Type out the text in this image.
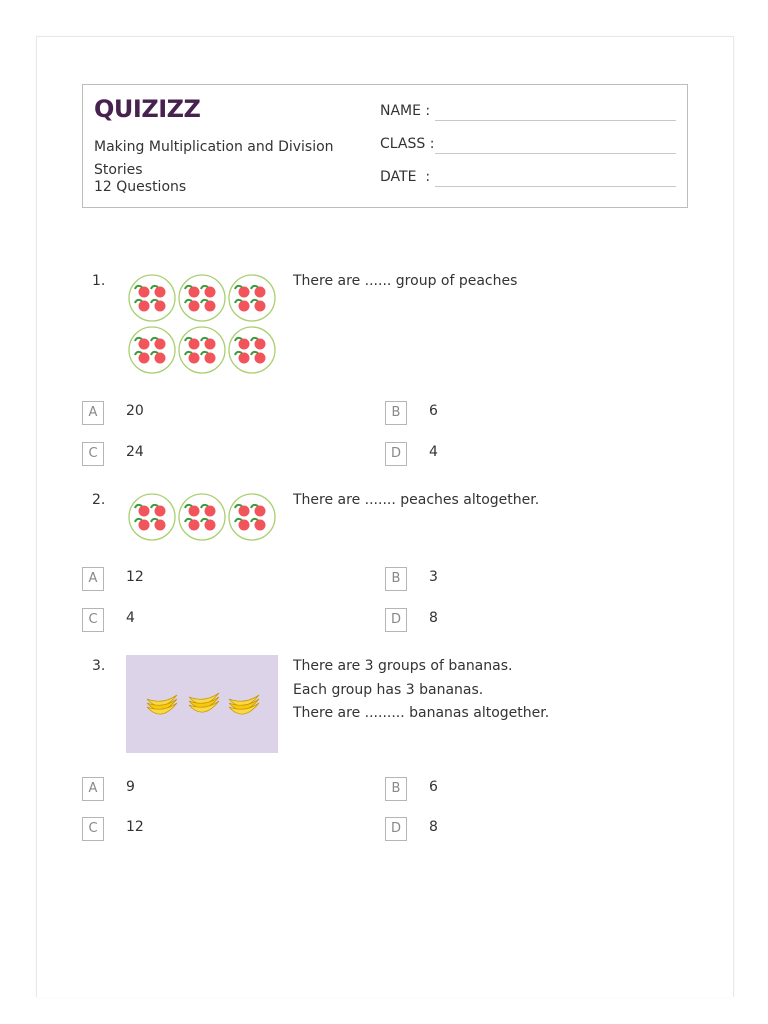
QUIZIZZ
Making Multiplication and Division Stories
12 Questions
NAME :
CLASS :
DATE  :
1.	There are ...... group of peaches
A	20	B	6
C	24	D	4
2.	There are ....... peaches altogether.
A	12	B	3
C	4	D	8
3.	There are 3 groups of bananas.
Each group has 3 bananas.
There are ......... bananas altogether.
A	9	B	6
C	12	D	8
